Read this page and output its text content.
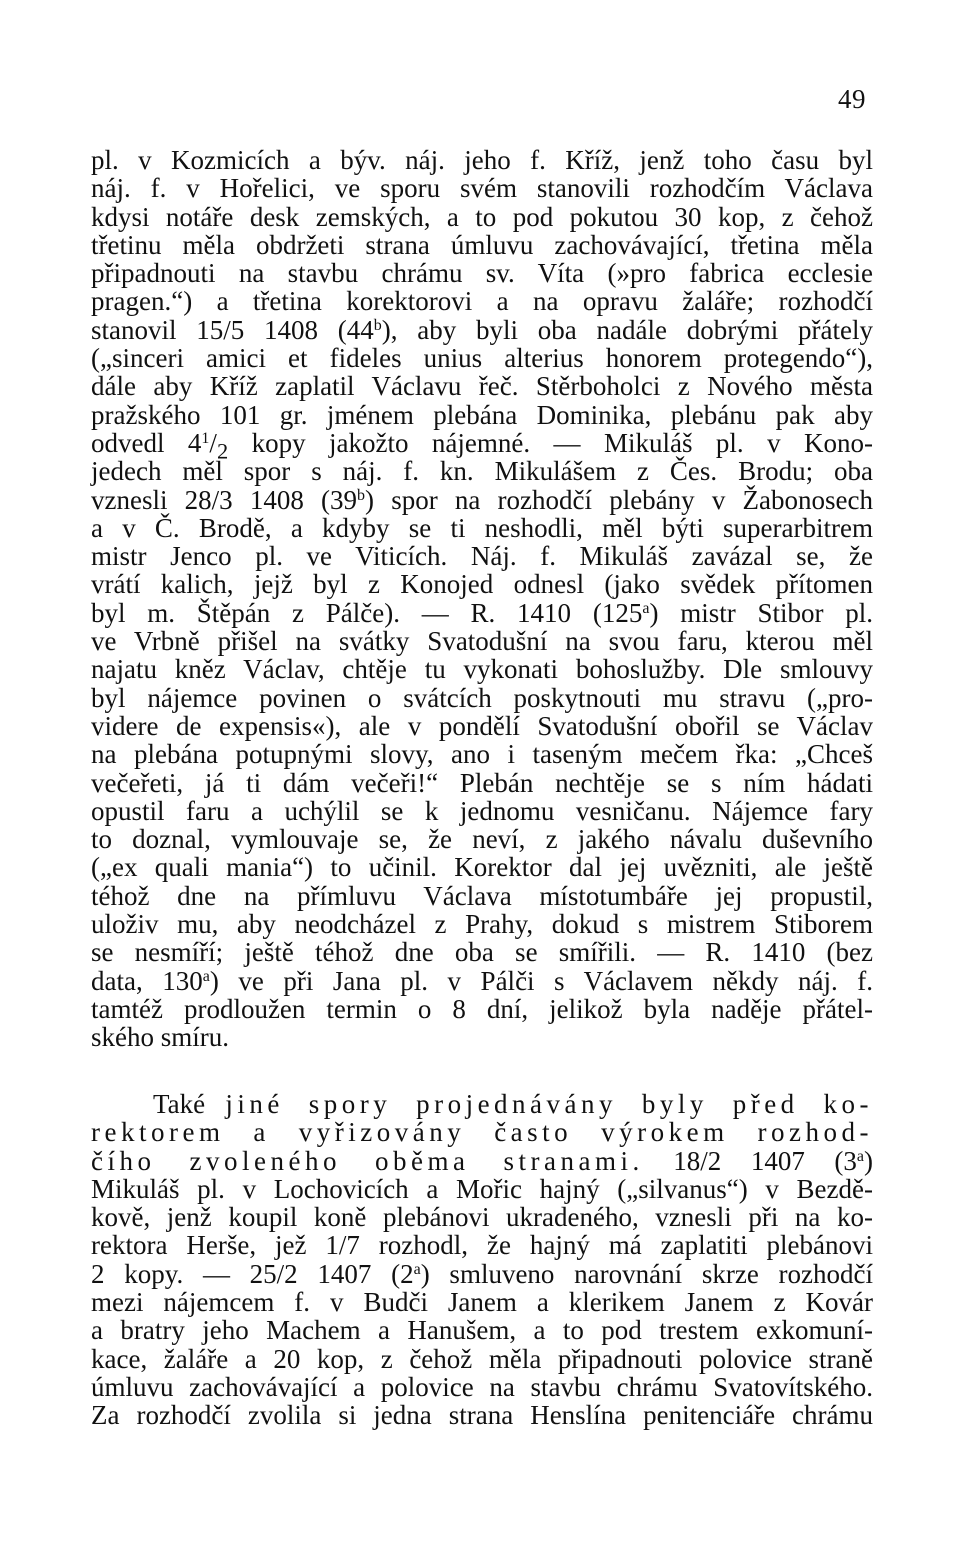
49
pl. v Kozmicích a býv. náj. jeho f. Kříž, jenž toho času byl
náj. f. v Hořelici, ve sporu svém stanovili rozhodčím Václava
kdysi notáře desk zemských, a to pod pokutou 30 kop, z čehož
třetinu měla obdržeti strana úmluvu zachovávající, třetina měla
připadnouti na stavbu chrámu sv. Víta (»pro fabrica ecclesie
pragen.“) a třetina korektorovi a na opravu žaláře; rozhodčí
stanovil 15/5 1408 (44$^b$), aby byli oba nadále dobrými přátely
(„sinceri amici et fideles unius alterius honorem protegendo“),
dále aby Kříž zaplatil Václavu řeč. Stěrboholci z Nového města
pražského 101 gr. jménem plebána Dominika, plebánu pak aby
odvedl $4^1/_2$ kopy jakožto nájemné. — Mikuláš pl. v Kono-
jedech měl spor s náj. f. kn. Mikulášem z Čes. Brodu; oba
vznesli 28/3 1408 (39$^b$) spor na rozhodčí plebány v Žabonosech
a v Č. Brodě, a kdyby se ti neshodli, měl býti superarbitrem
mistr Jenco pl. ve Viticích. Náj. f. Mikuláš zavázal se, že
vrátí kalich, jejž byl z Konojed odnesl (jako svědek přítomen
byl m. Štěpán z Pálče). — R. 1410 (125$^a$) mistr Stibor pl.
ve Vrbně přišel na svátky Svatodušní na svou faru, kterou měl
najatu kněz Václav, chtěje tu vykonati bohoslužby. Dle smlouvy
byl nájemce povinen o svátcích poskytnouti mu stravu („pro-
videre de expensis«), ale v pondělí Svatodušní obořil se Václav
na plebána potupnými slovy, ano i taseným mečem řka: „Chceš
večeřeti, já ti dám večeři!“ Plebán nechtěje se s ním hádati
opustil faru a uchýlil se k jednomu vesničanu. Nájemce fary
to doznal, vymlouvaje se, že neví, z jakého návalu duševního
(„ex quali mania“) to učinil. Korektor dal jej uvězniti, ale ještě
téhož dne na přímluvu Václava místotumbáře jej propustil,
uloživ mu, aby neodcházel z Prahy, dokud s mistrem Stiborem
se nesmíří; ještě téhož dne oba se smířili. — R. 1410 (bez
data, 130$^a$) ve při Jana pl. v Pálči s Václavem někdy náj. f.
tamtéž prodloužen termin o 8 dní, jelikož byla naděje přátel-
ského smíru.
Také jiné spory projednávány byly před ko-
rektorem a vyřizovány často výrokem rozhod-
čího zvoleného oběma stranami. 18/2 1407 (3$^a$)
Mikuláš pl. v Lochovicích a Mořic hajný („silvanus“) v Bezdě-
kově, jenž koupil koně plebánovi ukradeného, vznesli při na ko-
rektora Herše, jež 1/7 rozhodl, že hajný má zaplatiti plebánovi
2 kopy. — 25/2 1407 (2$^a$) smluveno narovnání skrze rozhodčí
mezi nájemcem f. v Budči Janem a klerikem Janem z Kovár
a bratry jeho Machem a Hanušem, a to pod trestem exkomuní-
kace, žaláře a 20 kop, z čehož měla připadnouti polovice straně
úmluvu zachovávající a polovice na stavbu chrámu Svatovítského.
Za rozhodčí zvolila si jedna strana Henslína penitenciáře chrámu
